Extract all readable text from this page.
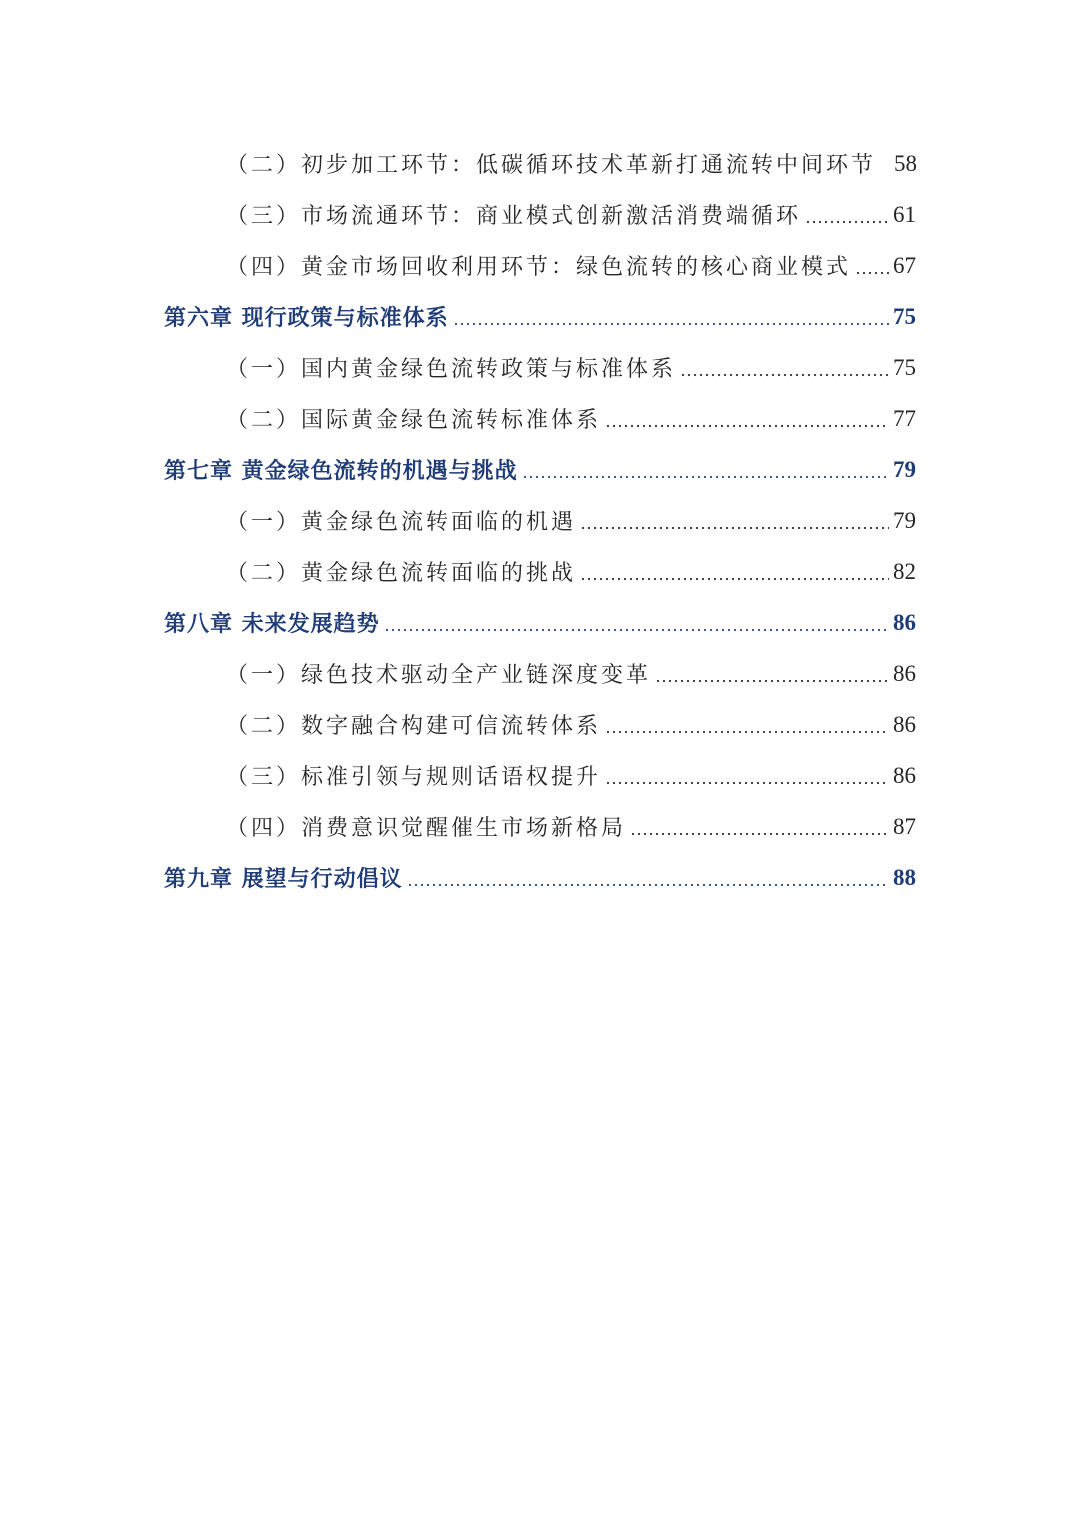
（二）初步加工环节：低碳循环技术革新打通流转中间环节 58
（三）市场流通环节：商业模式创新激活消费端循环	61
（四）黄金市场回收利用环节：绿色流转的核心商业模式 67
第六章 现行政策与标准体系	75
（一）国内黄金绿色流转政策与标准体系	75
（二）国际黄金绿色流转标准体系	77
第七章 黄金绿色流转的机遇与挑战	79
（一）黄金绿色流转面临的机遇	79
（二）黄金绿色流转面临的挑战	82
第八章 未来发展趋势	86
（一）绿色技术驱动全产业链深度变革	86
（二）数字融合构建可信流转体系	86
（三）标准引领与规则话语权提升	86
（四）消费意识觉醒催生市场新格局	87
第九章 展望与行动倡议	88
